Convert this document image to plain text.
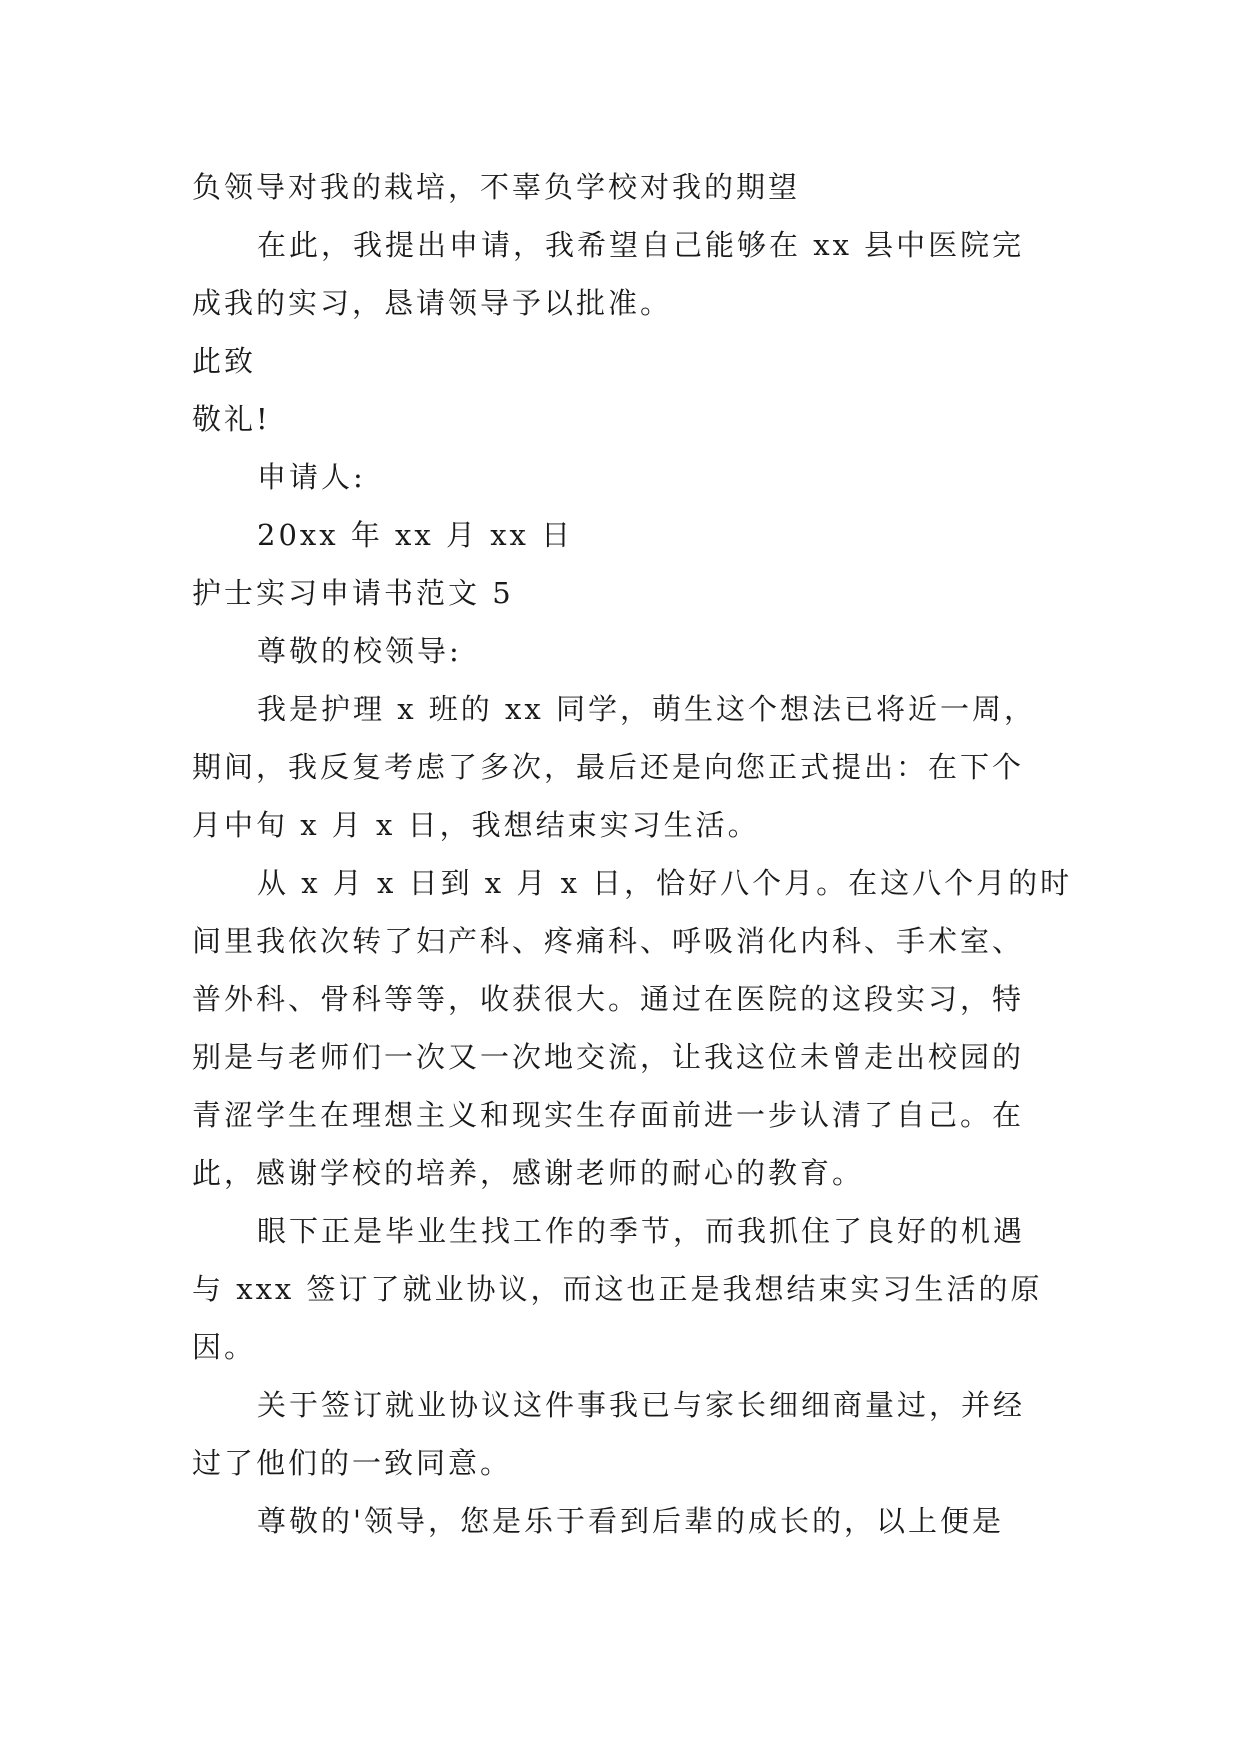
负领导对我的栽培，不辜负学校对我的期望
在此，我提出申请，我希望自己能够在 xx 县中医院完
成我的实习，恳请领导予以批准。
此致
敬礼!
申请人:
20xx 年 xx 月 xx 日
护士实习申请书范文 5
尊敬的校领导:
我是护理 x 班的 xx 同学，萌生这个想法已将近一周，
期间，我反复考虑了多次，最后还是向您正式提出：在下个
月中旬 x 月 x 日，我想结束实习生活。
从 x 月 x 日到 x 月 x 日，恰好八个月。在这八个月的时
间里我依次转了妇产科、疼痛科、呼吸消化内科、手术室、
普外科、骨科等等，收获很大。通过在医院的这段实习，特
别是与老师们一次又一次地交流，让我这位未曾走出校园的
青涩学生在理想主义和现实生存面前进一步认清了自己。在
此，感谢学校的培养，感谢老师的耐心的教育。
眼下正是毕业生找工作的季节，而我抓住了良好的机遇
与 xxx 签订了就业协议，而这也正是我想结束实习生活的原
因。
关于签订就业协议这件事我已与家长细细商量过，并经
过了他们的一致同意。
尊敬的'领导，您是乐于看到后辈的成长的，以上便是
